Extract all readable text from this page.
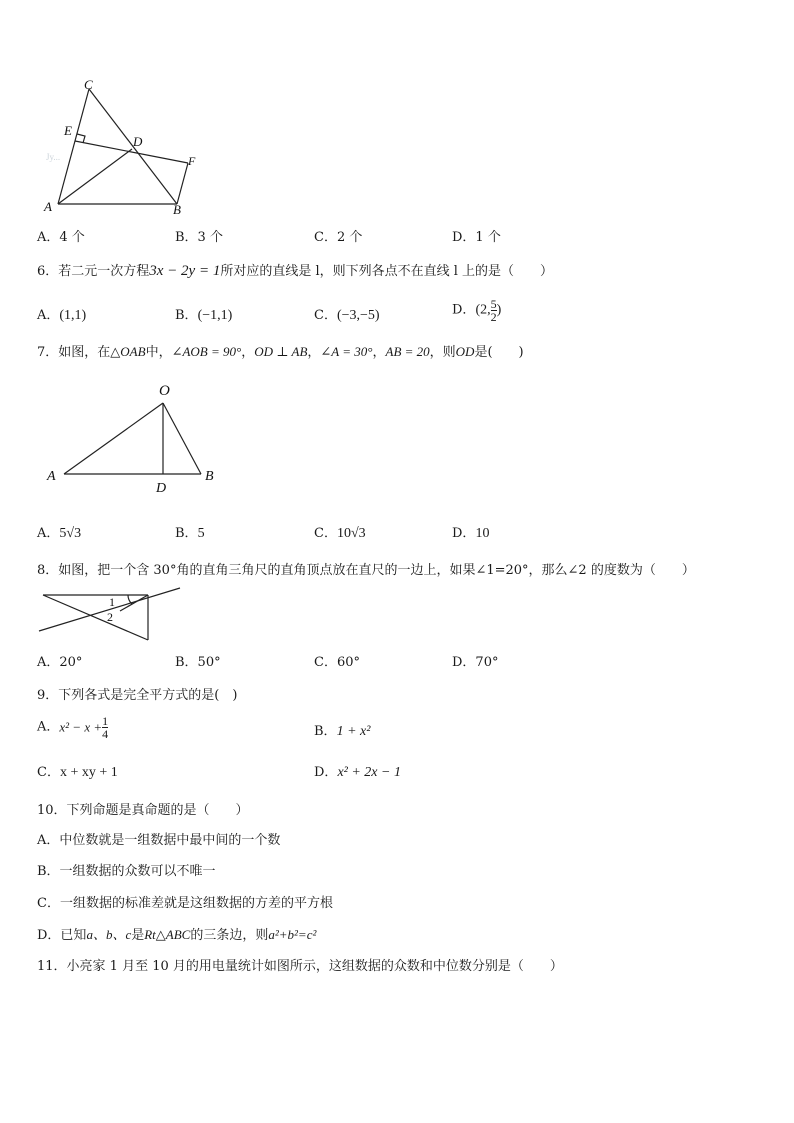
C
E
D
F
A	B
Jy...
A．4 个	B．3 个	C．2 个	D．1 个
6．若二元一次方程3x − 2y = 1所对应的直线是 l，则下列各点不在直线 l 上的是（　　）
A．(1,1)	B．(−1,1)	C．(−3,−5)	D．(2, $\frac{5}{2}$ )
7．如图，在△OAB中，∠AOB = 90°，OD ⊥ AB，∠A = 30°，AB = 20，则OD是(　　)
O
A
D
B
A．5√3	B．5	C．10√3	D．10
8．如图，把一个含 30°角的直角三角尺的直角顶点放在直尺的一边上，如果∠1=20°，那么∠2 的度数为（　　）
1
2
A．20°	B．50°	C．60°	D．70°
9．下列各式是完全平方式的是(　)
A．$x^2 - x + \frac{1}{4}$	B．1 + x²
C．x + xy + 1	D．x² + 2x − 1
10．下列命题是真命题的是（　　）
A．中位数就是一组数据中最中间的一个数
B．一组数据的众数可以不唯一
C．一组数据的标准差就是这组数据的方差的平方根
D．已知a、b、c是Rt△ABC的三条边，则a²+b²=c²
11．小亮家 1 月至 10 月的用电量统计如图所示，这组数据的众数和中位数分别是（　　）
